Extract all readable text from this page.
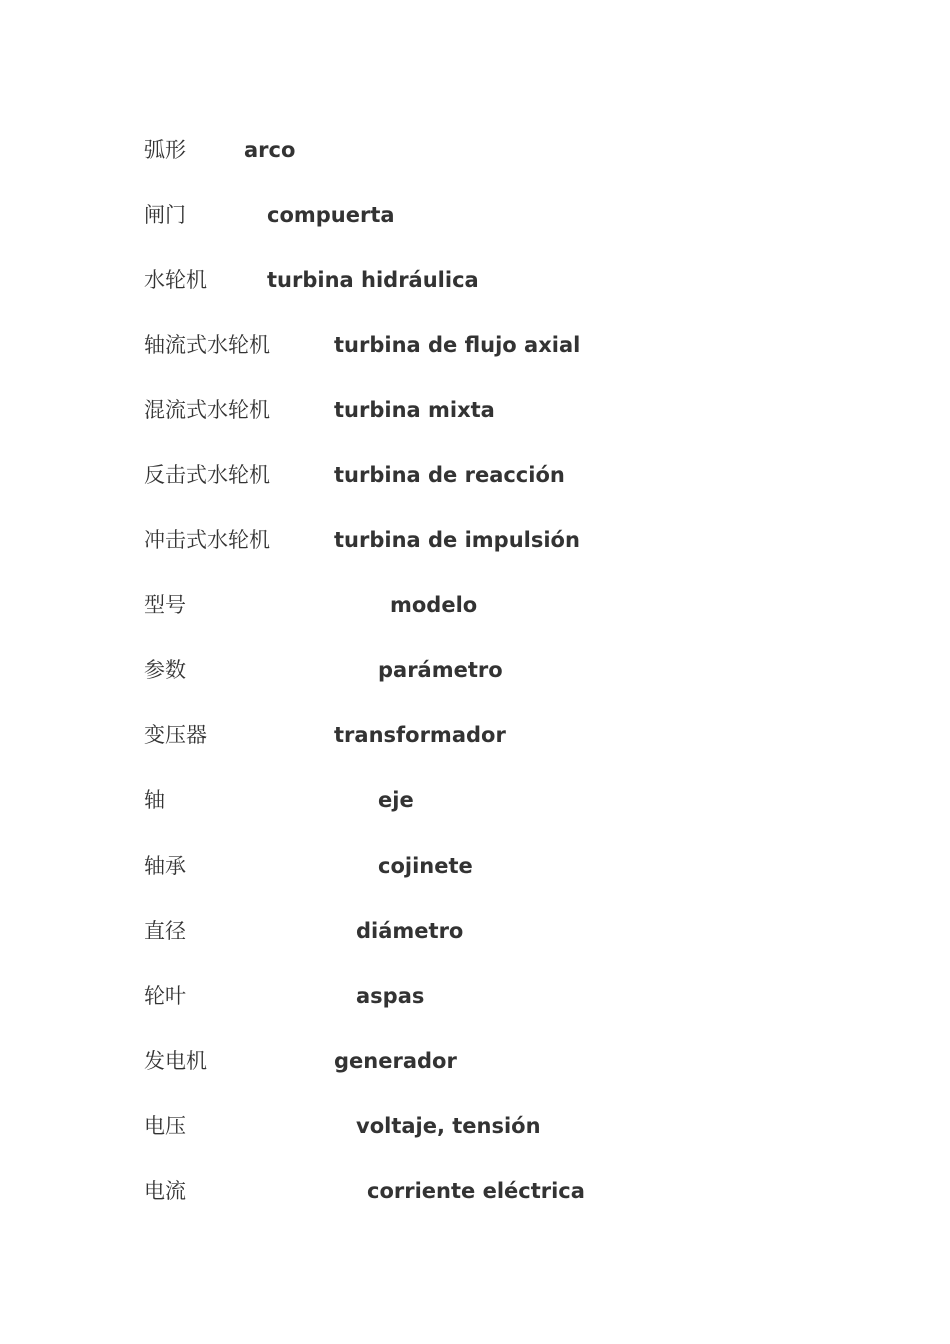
弧形	arco
闸门	compuerta
水轮机	turbina hidráulica
轴流式水轮机	turbina de flujo axial
混流式水轮机	turbina mixta
反击式水轮机	turbina de reacción
冲击式水轮机	turbina de impulsión
型号	modelo
参数	parámetro
变压器	transformador
轴	eje
轴承	cojinete
直径	diámetro
轮叶	aspas
发电机	generador
电压	voltaje, tensión
电流	corriente eléctrica
